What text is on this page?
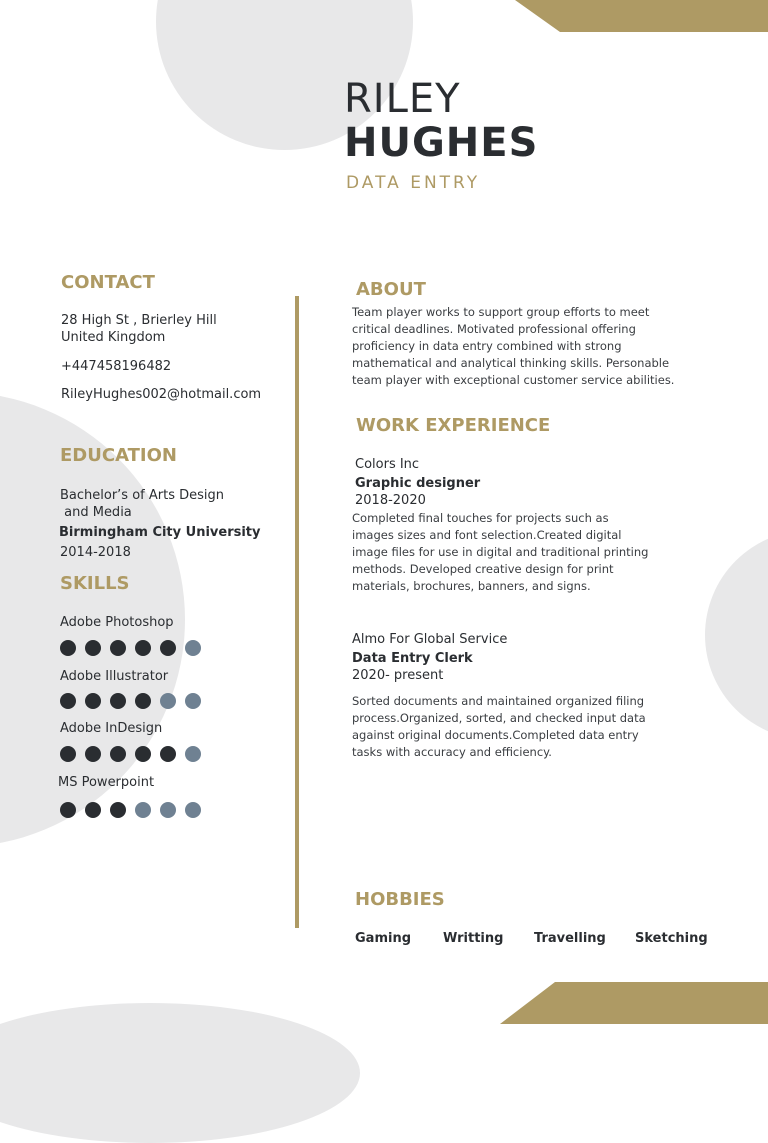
RILEY
HUGHES
DATA ENTRY
CONTACT
28 High St , Brierley Hill
United Kingdom
+447458196482
RileyHughes002@hotmail.com
EDUCATION
Bachelor’s of Arts Design
and Media
Birmingham City University
2014-2018
SKILLS
Adobe Photoshop
Adobe Illustrator
Adobe InDesign
MS Powerpoint
ABOUT
Team player works to support group efforts to meet
critical deadlines. Motivated professional offering
proficiency in data entry combined with strong
mathematical and analytical thinking skills. Personable
team player with exceptional customer service abilities.
WORK EXPERIENCE
Colors Inc
Graphic designer
2018-2020
Completed final touches for projects such as
images sizes and font selection.Created digital
image files for use in digital and traditional printing
methods. Developed creative design for print
materials, brochures, banners, and signs.
Almo For Global Service
Data Entry Clerk
2020- present
Sorted documents and maintained organized filing
process.Organized, sorted, and checked input data
against original documents.Completed data entry
tasks with accuracy and efficiency.
HOBBIES
Gaming Writting Travelling Sketching
